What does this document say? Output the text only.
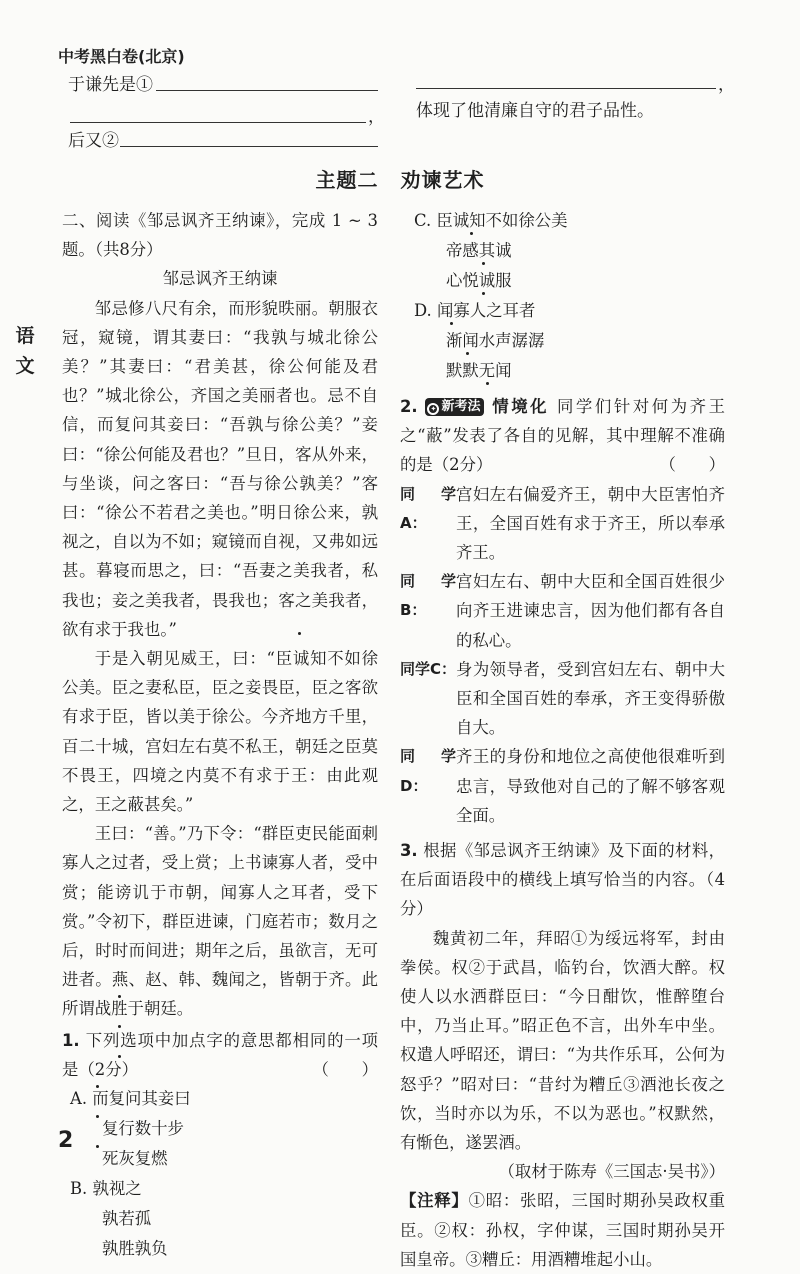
中考黑白卷(北京)
于谦先是①
，
后又②
，
体现了他清廉自守的君子品性。
主题二 劝谏艺术
语
文

二、阅读《邹忌讽齐王纳谏》，完成 1 ~ 3 题。（共8分）

邹忌讽齐王纳谏

邹忌修八尺有余，而形貌昳丽。朝服衣冠，窥镜，谓其妻曰：“我孰与城北徐公美？”其妻曰：“君美甚，徐公何能及君也？”城北徐公，齐国之美丽者也。忌不自信，而复问其妾曰：“吾孰与徐公美？”妾曰：“徐公何能及君也？”旦日，客从外来，与坐谈，问之客曰：“吾与徐公孰美？”客曰：“徐公不若君之美也。”明日徐公来，孰视之，自以为不如；窥镜而自视，又弗如远甚。暮寝而思之，曰：“吾妻之美我者，私我也；妾之美我者，畏我也；客之美我者，欲有求于我也。”

于是入朝见威王，曰：“臣诚知不如徐公美。臣之妻私臣，臣之妾畏臣，臣之客欲有求于臣，皆以美于徐公。今齐地方千里，百二十城，宫妇左右莫不私王，朝廷之臣莫不畏王，四境之内莫不有求于王：由此观之，王之蔽甚矣。”

王曰：“善。”乃下令：“群臣吏民能面刺寡人之过者，受上赏；上书谏寡人者，受中赏；能谤讥于市朝，闻寡人之耳者，受下赏。”令初下，群臣进谏，门庭若市；数月之后，时时而间进；期年之后，虽欲言，无可进者。燕、赵、韩、魏闻之，皆朝于齐。此所谓战胜于朝廷。

1. 下列选项中加点字的意思都相同的一项是（2分）	（　　）

A. 而复问其妾曰

复行数十步

死灰复燃

B. 孰视之

孰若孤

孰胜孰负

C. 臣诚知不如徐公美

帝感其诚

心悦诚服

D. 闻寡人之耳者

渐闻水声潺潺

默默无闻

2. ✦ 新考法 情境化 同学们针对何为齐王之“蔽”发表了各自的见解，其中理解不准确的是（2分）	（　　）

同学A：
宫妇左右偏爱齐王，朝中大臣害怕齐王，全国百姓有求于齐王，所以奉承齐王。
同学B：
宫妇左右、朝中大臣和全国百姓很少向齐王进谏忠言，因为他们都有各自的私心。
同学C： 身为领导者，受到宫妇左右、朝中大臣和全国百姓的奉承，齐王变得骄傲自大。
同学D：
齐王的身份和地位之高使他很难听到忠言，导致他对自己的了解不够客观全面。

3. 根据《邹忌讽齐王纳谏》及下面的材料，在后面语段中的横线上填写恰当的内容。（4分）

魏黄初二年，拜昭①为绥远将军，封由拳侯。权②于武昌，临钓台，饮酒大醉。权使人以水洒群臣曰：“今日酣饮，惟醉堕台中，乃当止耳。”昭正色不言，出外车中坐。权遣人呼昭还，谓曰：“为共作乐耳，公何为怒乎？”昭对曰：“昔纣为糟丘③酒池长夜之饮，当时亦以为乐，不以为恶也。”权默然，有惭色，遂罢酒。

（取材于陈寿《三国志·吴书》）

【注释】①昭：张昭，三国时期孙吴政权重臣。②权：孙权，字仲谋，三国时期孙吴开国皇帝。③糟丘：用酒糟堆起小山。

2
